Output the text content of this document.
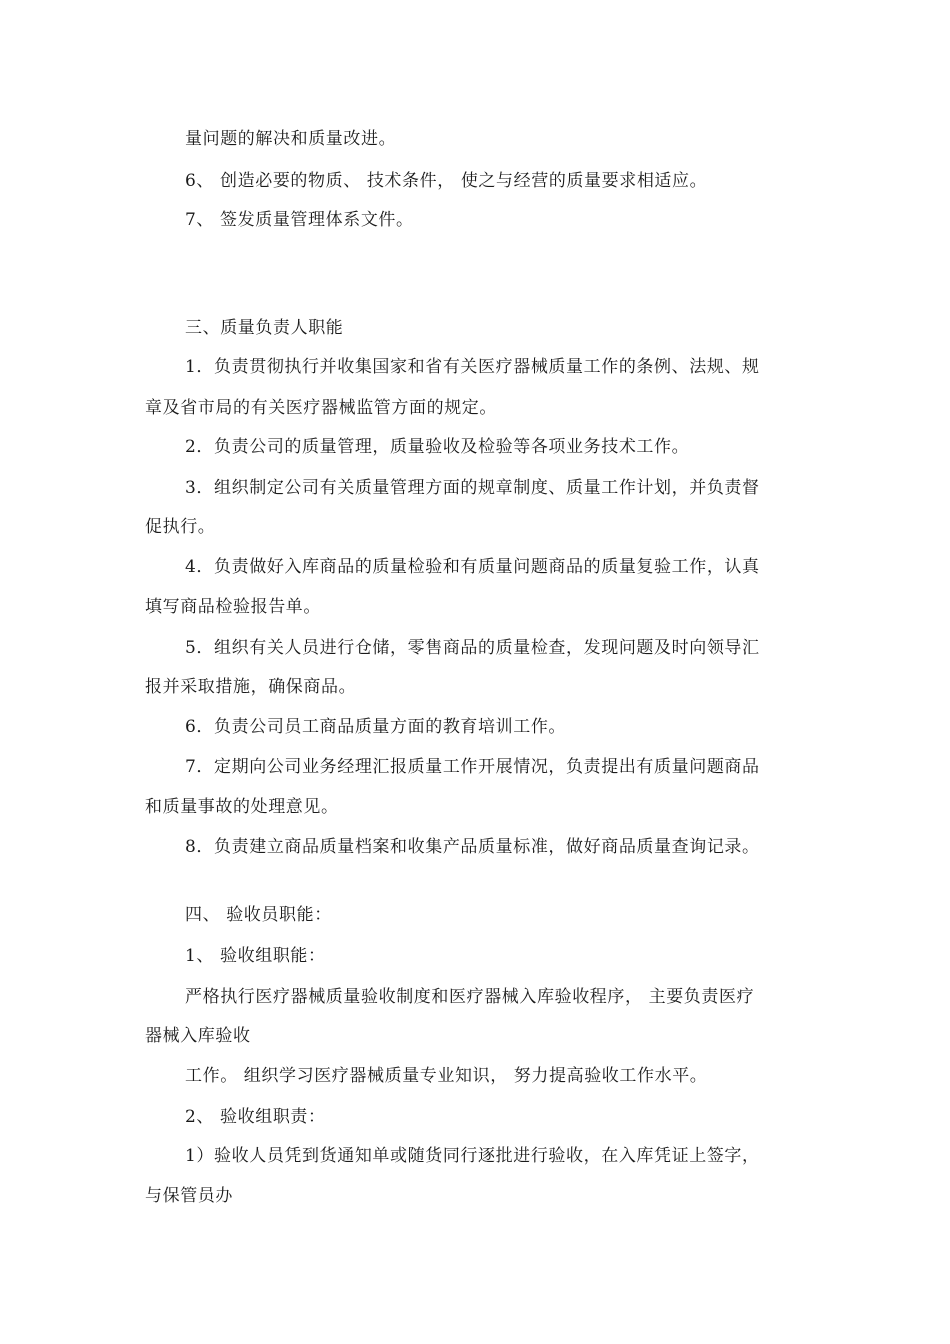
量问题的解决和质量改进。
6、 创造必要的物质、 技术条件， 使之与经营的质量要求相适应。
7、 签发质量管理体系文件。
三、质量负责人职能
1．负责贯彻执行并收集国家和省有关医疗器械质量工作的条例、法规、规
章及省市局的有关医疗器械监管方面的规定。
2．负责公司的质量管理，质量验收及检验等各项业务技术工作。
3．组织制定公司有关质量管理方面的规章制度、质量工作计划，并负责督
促执行。
4．负责做好入库商品的质量检验和有质量问题商品的质量复验工作，认真
填写商品检验报告单。
5．组织有关人员进行仓储，零售商品的质量检查，发现问题及时向领导汇
报并采取措施，确保商品。
6．负责公司员工商品质量方面的教育培训工作。
7．定期向公司业务经理汇报质量工作开展情况，负责提出有质量问题商品
和质量事故的处理意见。
8．负责建立商品质量档案和收集产品质量标准，做好商品质量查询记录。
四、 验收员职能：
1、 验收组职能：
严格执行医疗器械质量验收制度和医疗器械入库验收程序， 主要负责医疗
器械入库验收
工作。 组织学习医疗器械质量专业知识， 努力提高验收工作水平。
2、 验收组职责：
1）验收人员凭到货通知单或随货同行逐批进行验收，在入库凭证上签字，
与保管员办
